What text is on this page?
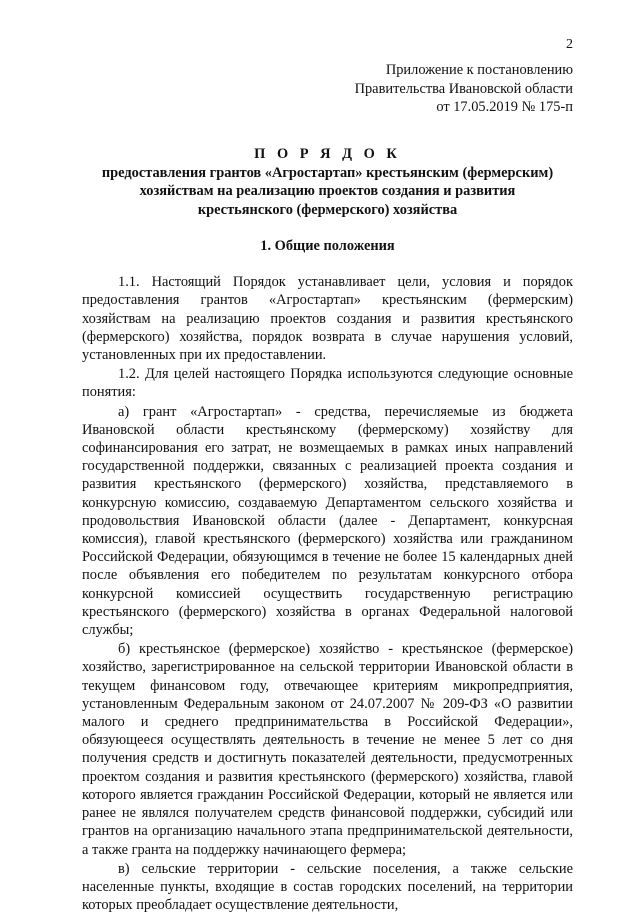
2
Приложение к постановлению
Правительства Ивановской области
от 17.05.2019 № 175-п
П О Р Я Д О К
предоставления грантов «Агростартап» крестьянским (фермерским)
хозяйствам на реализацию проектов создания и развития
крестьянского (фермерского) хозяйства
1. Общие положения

1.1. Настоящий Порядок устанавливает цели, условия и порядок предоставления грантов «Агростартап» крестьянским (фермерским) хозяйствам на реализацию проектов создания и развития крестьянского (фермерского) хозяйства, порядок возврата в случае нарушения условий, установленных при их предоставлении.

1.2. Для целей настоящего Порядка используются следующие основные понятия:

а) грант «Агростартап» - средства, перечисляемые из бюджета Ивановской области крестьянскому (фермерскому) хозяйству для софинансирования его затрат, не возмещаемых в рамках иных направлений государственной поддержки, связанных с реализацией проекта создания и развития крестьянского (фермерского) хозяйства, представляемого в конкурсную комиссию, создаваемую Департаментом сельского хозяйства и продовольствия Ивановской области (далее - Департамент, конкурсная комиссия), главой крестьянского (фермерского) хозяйства или гражданином Российской Федерации, обязующимся в течение не более 15 календарных дней после объявления его победителем по результатам конкурсного отбора конкурсной комиссией осуществить государственную регистрацию крестьянского (фермерского) хозяйства в органах Федеральной налоговой службы;

б) крестьянское (фермерское) хозяйство - крестьянское (фермерское) хозяйство, зарегистрированное на сельской территории Ивановской области в текущем финансовом году, отвечающее критериям микропредприятия, установленным Федеральным законом от 24.07.2007 № 209-ФЗ «О развитии малого и среднего предпринимательства в Российской Федерации», обязующееся осуществлять деятельность в течение не менее 5 лет со дня получения средств и достигнуть показателей деятельности, предусмотренных проектом создания и развития крестьянского (фермерского) хозяйства, главой которого является гражданин Российской Федерации, который не является или ранее не являлся получателем средств финансовой поддержки, субсидий или грантов на организацию начального этапа предпринимательской деятельности, а также гранта на поддержку начинающего фермера;

в) сельские территории - сельские поселения, а также сельские населенные пункты, входящие в состав городских поселений, на территории которых преобладает осуществление деятельности,
